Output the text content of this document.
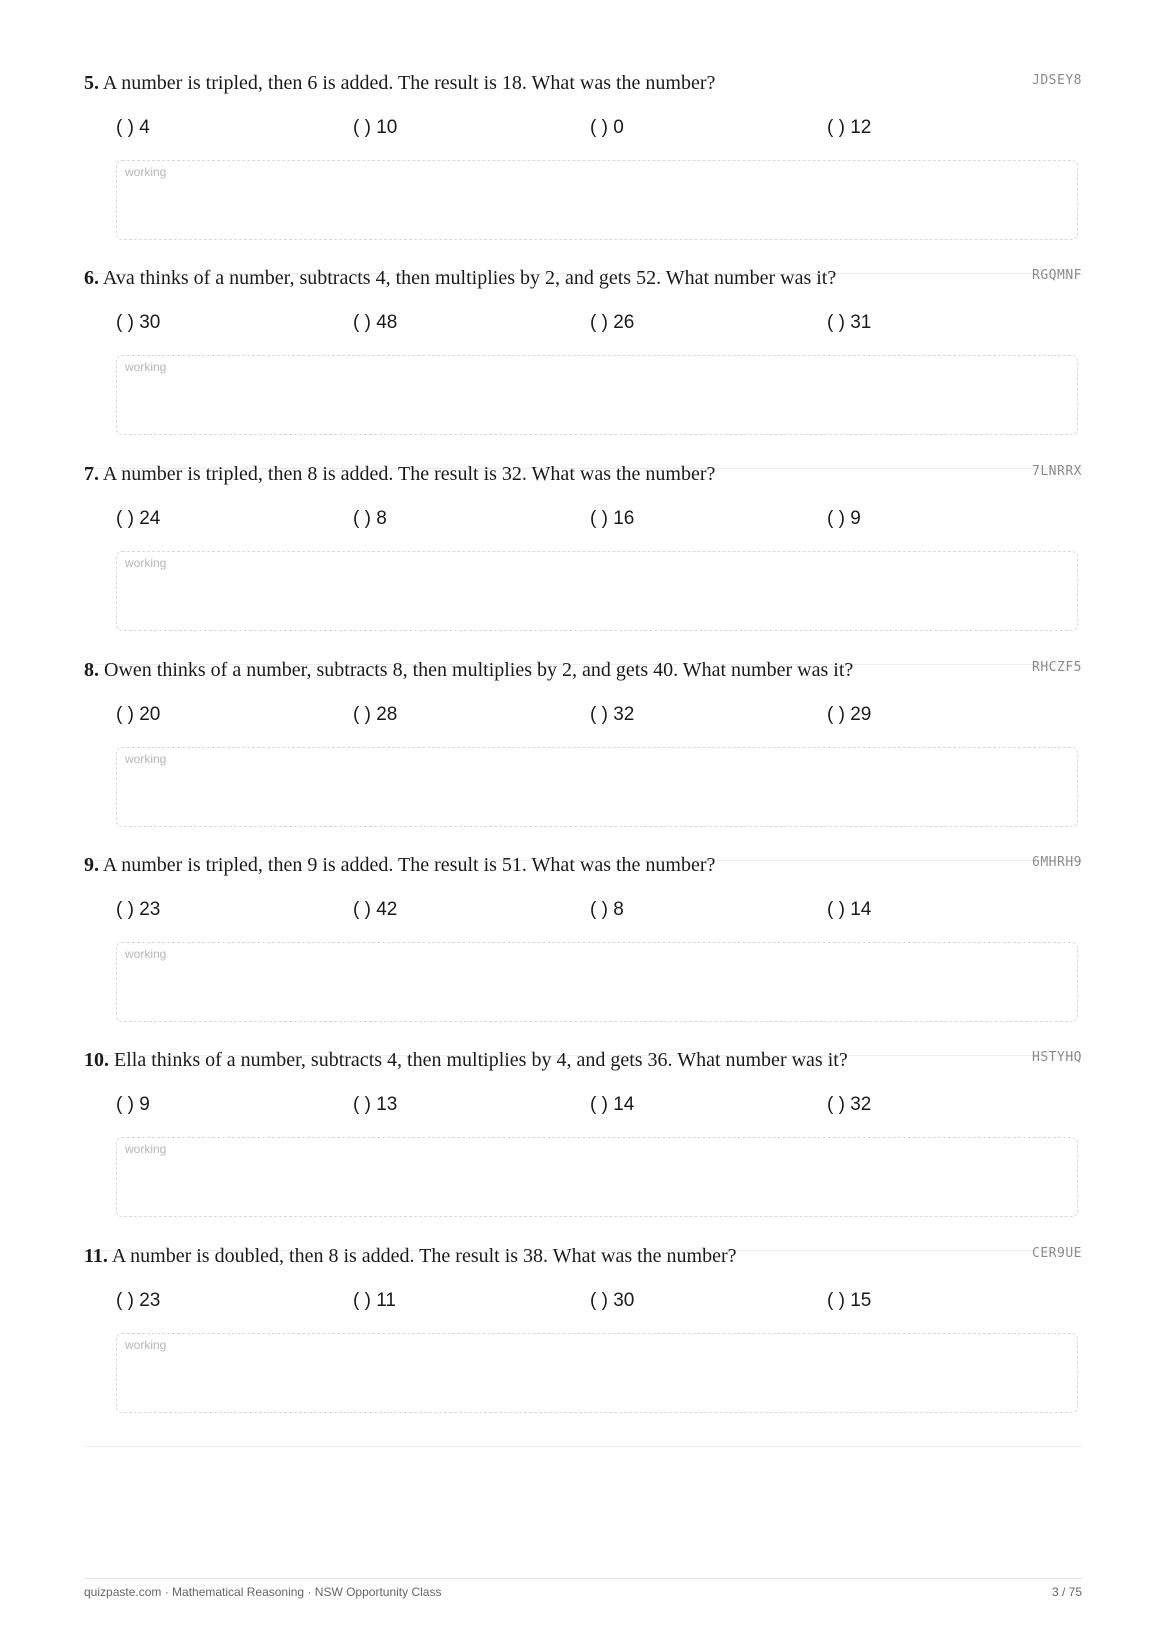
5. A number is tripled, then 6 is added. The result is 18. What was the number?	JDSEY8
( ) 4	( ) 10	( ) 0	( ) 12
working
6. Ava thinks of a number, subtracts 4, then multiplies by 2, and gets 52. What number was it?	RGQMNF
( ) 30	( ) 48	( ) 26	( ) 31
working
7. A number is tripled, then 8 is added. The result is 32. What was the number?	7LNRRX
( ) 24	( ) 8	( ) 16	( ) 9
working
8. Owen thinks of a number, subtracts 8, then multiplies by 2, and gets 40. What number was it?	RHCZF5
( ) 20	( ) 28	( ) 32	( ) 29
working
9. A number is tripled, then 9 is added. The result is 51. What was the number?	6MHRH9
( ) 23	( ) 42	( ) 8	( ) 14
working
10. Ella thinks of a number, subtracts 4, then multiplies by 4, and gets 36. What number was it?	HSTYHQ
( ) 9	( ) 13	( ) 14	( ) 32
working
11. A number is doubled, then 8 is added. The result is 38. What was the number?	CER9UE
( ) 23	( ) 11	( ) 30	( ) 15
working
quizpaste.com · Mathematical Reasoning · NSW Opportunity Class	3 / 75
